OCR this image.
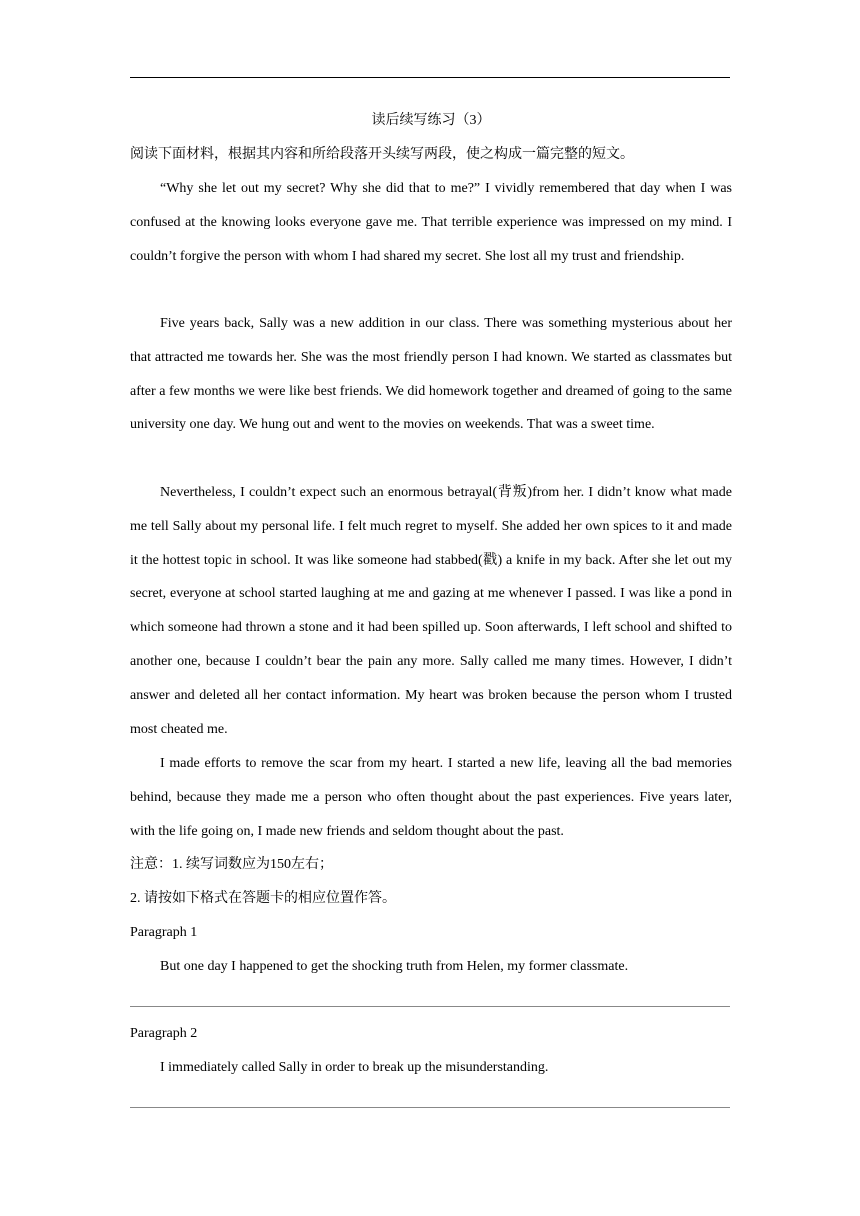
读后续写练习（3）
阅读下面材料，根据其内容和所给段落开头续写两段，使之构成一篇完整的短文。
“Why she let out my secret? Why she did that to me?” I vividly remembered that day when I was confused at the knowing looks everyone gave me. That terrible experience was impressed on my mind. I couldn’t forgive the person with whom I had shared my secret. She lost all my trust and friendship.
Five years back, Sally was a new addition in our class. There was something mysterious about her that attracted me towards her. She was the most friendly person I had known. We started as classmates but after a few months we were like best friends. We did homework together and dreamed of going to the same university one day. We hung out and went to the movies on weekends. That was a sweet time.
Nevertheless, I couldn’t expect such an enormous betrayal(背叛)from her. I didn’t know what made me tell Sally about my personal life. I felt much regret to myself. She added her own spices to it and made it the hottest topic in school. It was like someone had stabbed(戳) a knife in my back. After she let out my secret, everyone at school started laughing at me and gazing at me whenever I passed. I was like a pond in which someone had thrown a stone and it had been spilled up. Soon afterwards, I left school and shifted to another one, because I couldn’t bear the pain any more. Sally called me many times. However, I didn’t answer and deleted all her contact information. My heart was broken because the person whom I trusted most cheated me.
I made efforts to remove the scar from my heart. I started a new life, leaving all the bad memories behind, because they made me a person who often thought about the past experiences. Five years later, with the life going on, I made new friends and seldom thought about the past.
注意：1. 续写词数应为150左右；
2. 请按如下格式在答题卡的相应位置作答。
Paragraph 1
But one day I happened to get the shocking truth from Helen, my former classmate.
Paragraph 2
I immediately called Sally in order to break up the misunderstanding.
